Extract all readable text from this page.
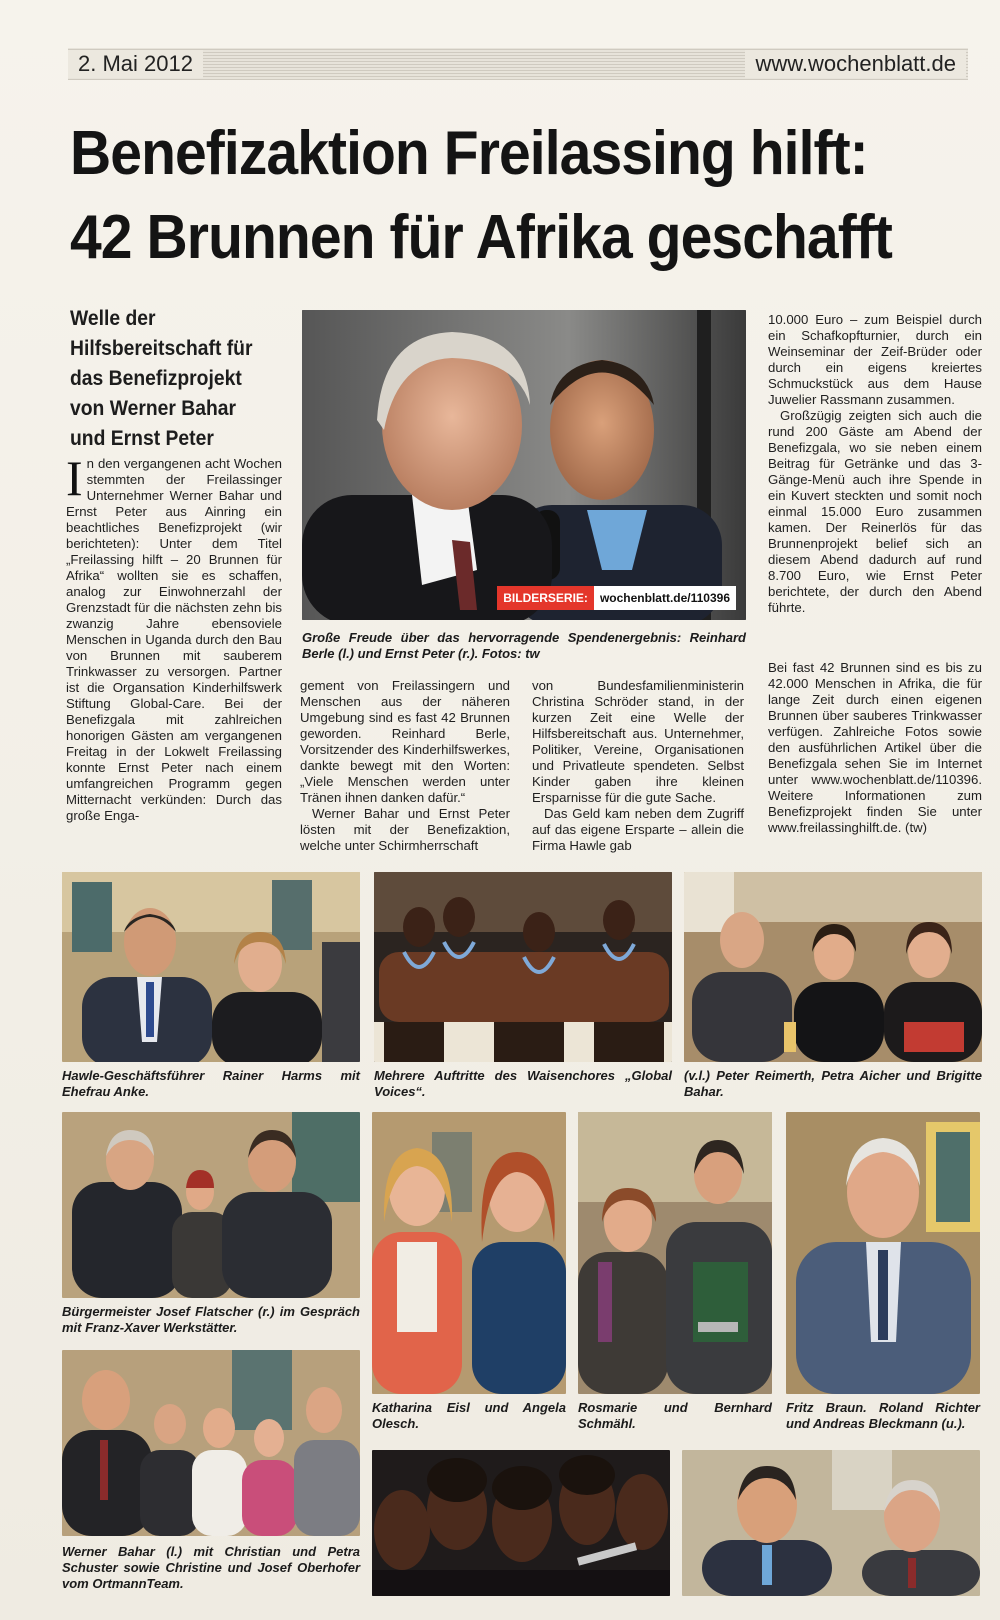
2. Mai 2012	www.wochenblatt.de
Benefizaktion Freilassing hilft:
42 Brunnen für Afrika geschafft
Welle der Hilfsbereitschaft für das Benefizprojekt von Werner Bahar und Ernst Peter

In den vergangenen acht Wochen stemmten der Freilassinger Unternehmer Werner Bahar und Ernst Peter aus Ainring ein beachtliches Benefizprojekt (wir berichteten): Unter dem Titel „Freilassing hilft – 20 Brunnen für Afrika“ wollten sie es schaffen, analog zur Einwohnerzahl der Grenzstadt für die nächsten zehn bis zwanzig Jahre ebensoviele Menschen in Uganda durch den Bau von Brunnen mit sauberem Trinkwasser zu versorgen. Partner ist die Organsation Kinderhilfswerk Stiftung Global-Care. Bei der Benefizgala mit zahlreichen honorigen Gästen am vergangenen Freitag in der Lokwelt Freilassing konnte Ernst Peter nach einem umfangreichen Programm gegen Mitternacht verkünden: Durch das große Enga-

BILDERSERIE:	wochenblatt.de/110396
Große Freude über das hervorragende Spendenergebnis: Reinhard Berle (l.) und Ernst Peter (r.). Fotos: tw

gement von Freilassingern und Menschen aus der näheren Umgebung sind es fast 42 Brunnen geworden. Reinhard Berle, Vorsitzender des Kinderhilfswerkes, dankte bewegt mit den Worten: „Viele Menschen werden unter Tränen ihnen danken dafür.“

Werner Bahar und Ernst Peter lösten mit der Benefizaktion, welche unter Schirmherrschaft

von Bundesfamilienministerin Christina Schröder stand, in der kurzen Zeit eine Welle der Hilfsbereitschaft aus. Unternehmer, Politiker, Vereine, Organisationen und Privatleute spendeten. Selbst Kinder gaben ihre kleinen Ersparnisse für die gute Sache.

Das Geld kam neben dem Zugriff auf das eigene Ersparte – allein die Firma Hawle gab

10.000 Euro – zum Beispiel durch ein Schafkopfturnier, durch ein Weinseminar der Zeif-Brüder oder durch ein eigens kreiertes Schmuckstück aus dem Hause Juwelier Rassmann zusammen.

Großzügig zeigten sich auch die rund 200 Gäste am Abend der Benefizgala, wo sie neben einem Beitrag für Getränke und das 3-Gänge-Menü auch ihre Spende in ein Kuvert steckten und somit noch einmal 15.000 Euro zusammen kamen. Der Reinerlös für das Brunnenprojekt belief sich an diesem Abend dadurch auf rund 8.700 Euro, wie Ernst Peter berichtete, der durch den Abend führte.

Bei fast 42 Brunnen sind es bis zu 42.000 Menschen in Afrika, die für lange Zeit durch einen eigenen Brunnen über sauberes Trinkwasser verfügen. Zahlreiche Fotos sowie den ausführlichen Artikel über die Benefizgala sehen Sie im Internet unter www.wochenblatt.de/110396. Weitere Informationen zum Benefizprojekt finden Sie unter www.freilassinghilft.de. (tw)

Hawle-Geschäftsführer Rainer Harms mit Ehefrau Anke.
Mehrere Auftritte des Waisenchores „Global Voices“.
(v.l.) Peter Reimerth, Petra Aicher und Brigitte Bahar.
Bürgermeister Josef Flatscher (r.) im Gespräch mit Franz-Xaver Werkstätter.
Katharina Eisl und Angela Olesch.
Rosmarie und Bernhard Schmähl.
Fritz Braun. Roland Richter und Andreas Bleckmann (u.).
Werner Bahar (l.) mit Christian und Petra Schuster sowie Christine und Josef Oberhofer vom OrtmannTeam.
